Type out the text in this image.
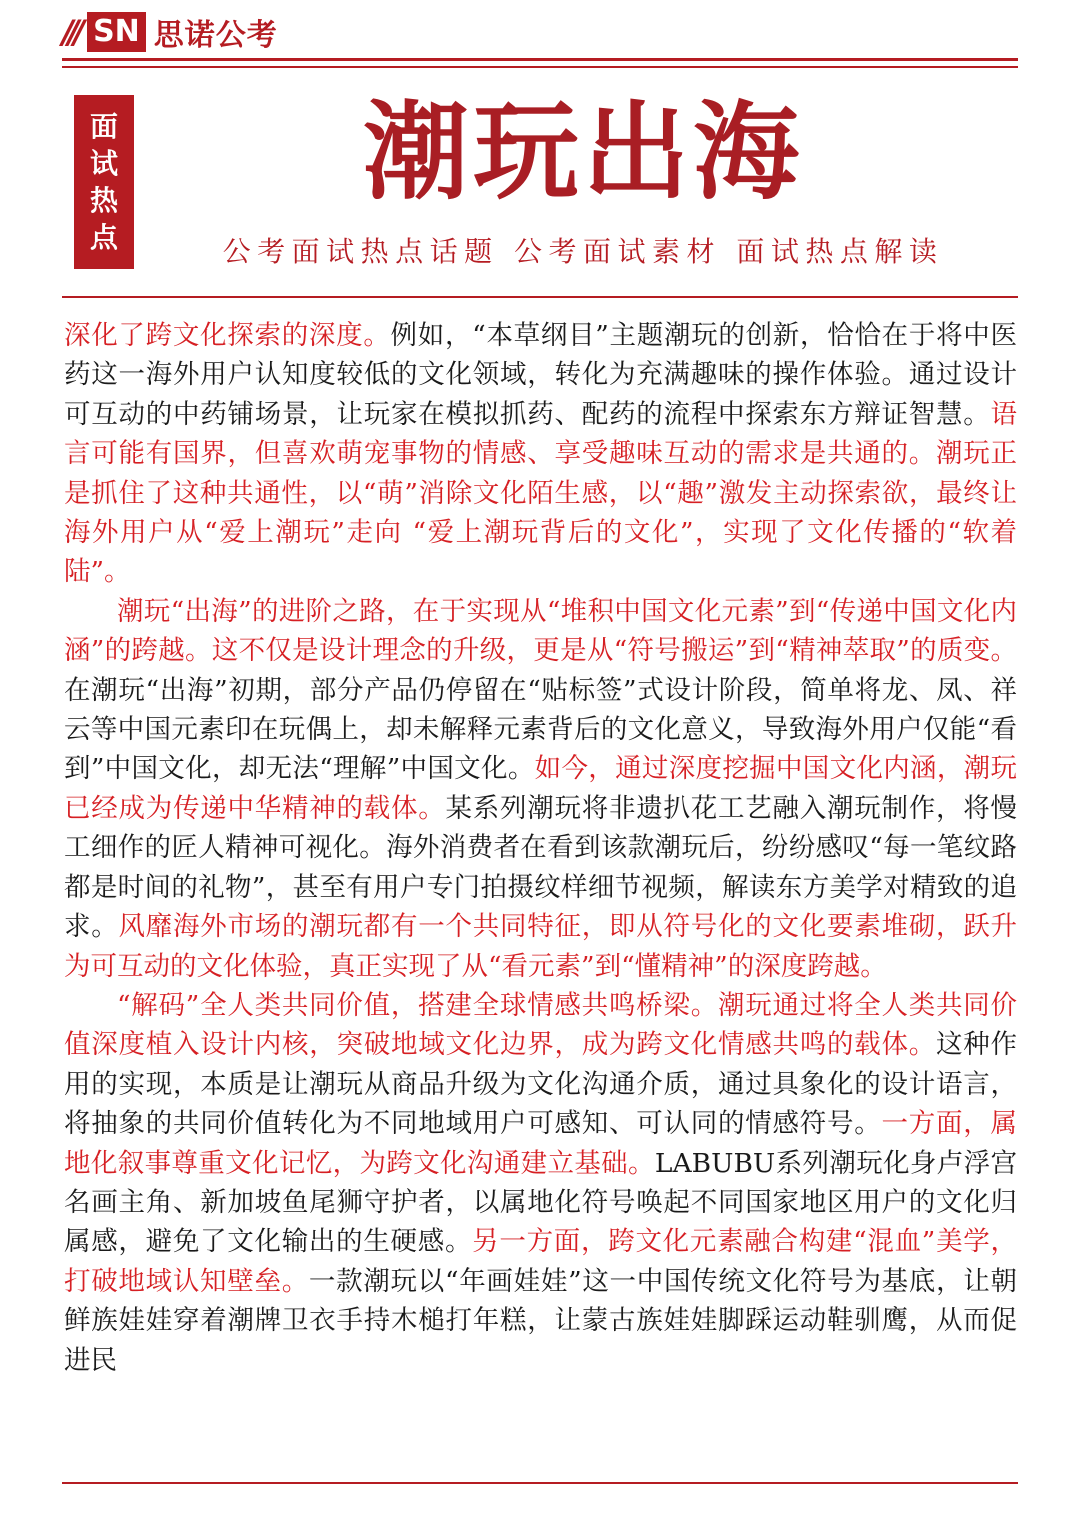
/// SN 思诺公考
面
试
热
点
潮玩出海
公考面试热点话题 公考面试素材 面试热点解读

深化了跨文化探索的深度。例如，“本草纲目”主题潮玩的创新，恰恰在于将中医药这一海外用户认知度较低的文化领域，转化为充满趣味的操作体验。通过设计可互动的中药铺场景，让玩家在模拟抓药、配药的流程中探索东方辩证智慧。语言可能有国界，但喜欢萌宠事物的情感、享受趣味互动的需求是共通的。潮玩正是抓住了这种共通性，以“萌”消除文化陌生感，以“趣”激发主动探索欲，最终让海外用户从“爱上潮玩”走向 “爱上潮玩背后的文化”，实现了文化传播的“软着陆”。

潮玩“出海”的进阶之路，在于实现从“堆积中国文化元素”到“传递中国文化内涵”的跨越。这不仅是设计理念的升级，更是从“符号搬运”到“精神萃取”的质变。在潮玩“出海”初期，部分产品仍停留在“贴标签”式设计阶段，简单将龙、凤、祥云等中国元素印在玩偶上，却未解释元素背后的文化意义，导致海外用户仅能“看到”中国文化，却无法“理解”中国文化。如今，通过深度挖掘中国文化内涵，潮玩已经成为传递中华精神的载体。某系列潮玩将非遗扒花工艺融入潮玩制作，将慢工细作的匠人精神可视化。海外消费者在看到该款潮玩后，纷纷感叹“每一笔纹路都是时间的礼物”，甚至有用户专门拍摄纹样细节视频，解读东方美学对精致的追求。风靡海外市场的潮玩都有一个共同特征，即从符号化的文化要素堆砌，跃升为可互动的文化体验，真正实现了从“看元素”到“懂精神”的深度跨越。

“解码”全人类共同价值，搭建全球情感共鸣桥梁。潮玩通过将全人类共同价值深度植入设计内核，突破地域文化边界，成为跨文化情感共鸣的载体。这种作用的实现，本质是让潮玩从商品升级为文化沟通介质，通过具象化的设计语言，将抽象的共同价值转化为不同地域用户可感知、可认同的情感符号。一方面，属地化叙事尊重文化记忆，为跨文化沟通建立基础。LABUBU系列潮玩化身卢浮宫名画主角、新加坡鱼尾狮守护者，以属地化符号唤起不同国家地区用户的文化归属感，避免了文化输出的生硬感。另一方面，跨文化元素融合构建“混血”美学，打破地域认知壁垒。一款潮玩以“年画娃娃”这一中国传统文化符号为基底，让朝鲜族娃娃穿着潮牌卫衣手持木槌打年糕，让蒙古族娃娃脚踩运动鞋驯鹰，从而促进民
